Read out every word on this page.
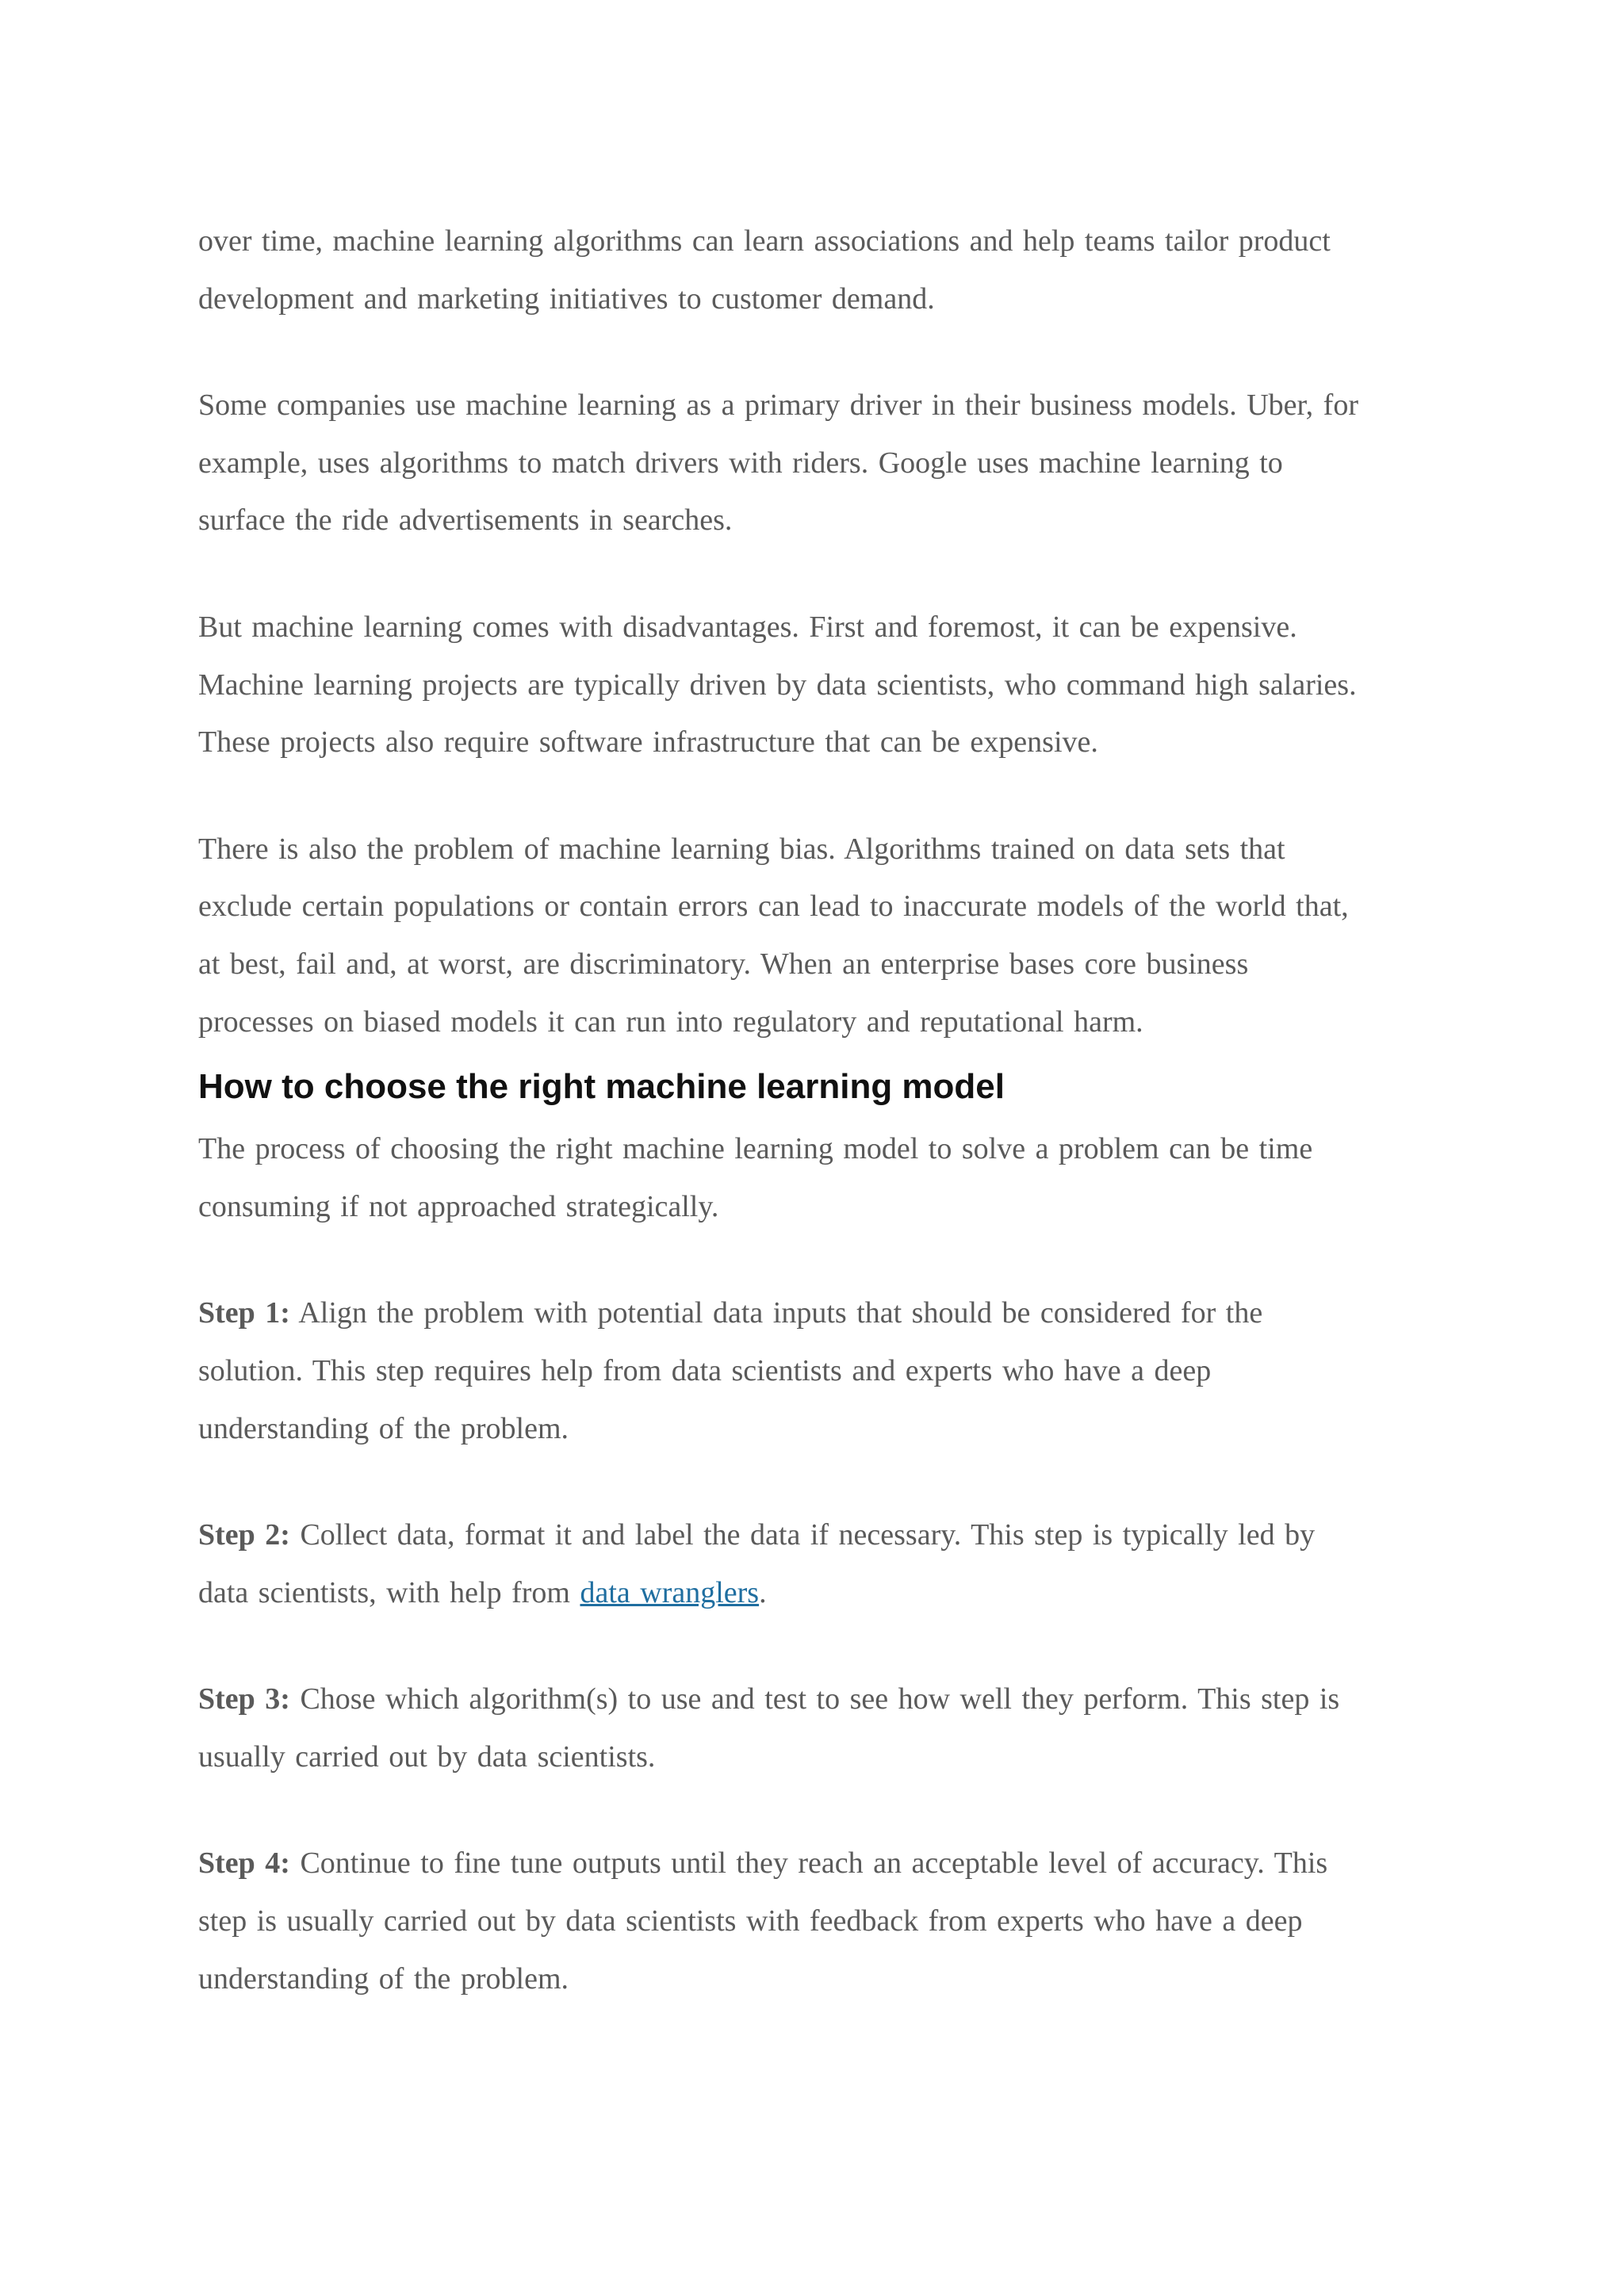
over time, machine learning algorithms can learn associations and help teams tailor product
development and marketing initiatives to customer demand.

Some companies use machine learning as a primary driver in their business models. Uber, for
example, uses algorithms to match drivers with riders. Google uses machine learning to
surface the ride advertisements in searches.

But machine learning comes with disadvantages. First and foremost, it can be expensive.
Machine learning projects are typically driven by data scientists, who command high salaries.
These projects also require software infrastructure that can be expensive.

There is also the problem of machine learning bias. Algorithms trained on data sets that
exclude certain populations or contain errors can lead to inaccurate models of the world that,
at best, fail and, at worst, are discriminatory. When an enterprise bases core business
processes on biased models it can run into regulatory and reputational harm.

How to choose the right machine learning model

The process of choosing the right machine learning model to solve a problem can be time
consuming if not approached strategically.

Step 1: Align the problem with potential data inputs that should be considered for the
solution. This step requires help from data scientists and experts who have a deep
understanding of the problem.

Step 2: Collect data, format it and label the data if necessary. This step is typically led by
data scientists, with help from data wranglers.

Step 3: Chose which algorithm(s) to use and test to see how well they perform. This step is
usually carried out by data scientists.

Step 4: Continue to fine tune outputs until they reach an acceptable level of accuracy. This
step is usually carried out by data scientists with feedback from experts who have a deep
understanding of the problem.
